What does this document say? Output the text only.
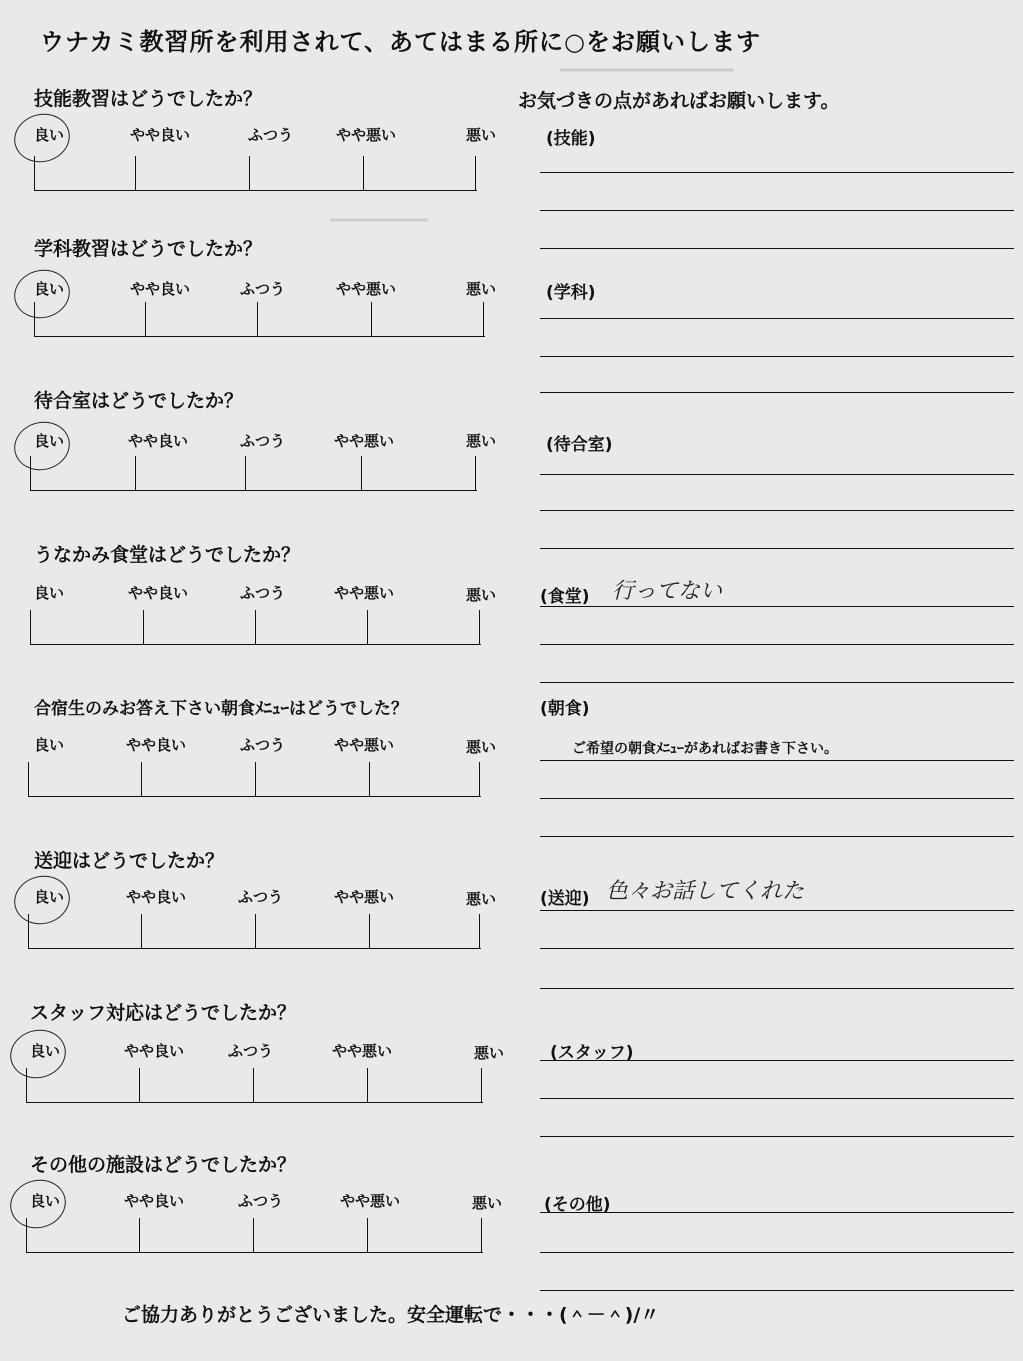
━━━━━━━━━━━━━━━━
━━━━━━━━━
ウナカミ教習所を利用されて、あてはまる所に○をお願いします
お気づきの点があればお願いします。
技能教習はどうでしたか？
良い	やや良い	ふつう	やや悪い	悪い	(技能)
学科教習はどうでしたか？
良い	やや良い	ふつう	やや悪い	悪い	(学科)
待合室はどうでしたか？
良い	やや良い	ふつう	やや悪い	悪い	(待合室)
うなかみ食堂はどうでしたか？
良い	やや良い	ふつう	やや悪い	悪い	(食堂) 行ってない
合宿生のみお答え下さい朝食ﾒﾆｭｰはどうでした？	(朝食)
良い	やや良い	ふつう	やや悪い	悪い	ご希望の朝食ﾒﾆｭｰがあればお書き下さい。
送迎はどうでしたか？
良い	やや良い	ふつう	やや悪い	悪い	(送迎) 色々お話してくれた
スタッフ対応はどうでしたか？
良い	やや良い	ふつう	やや悪い	悪い	(スタッフ)
その他の施設はどうでしたか？
良い	やや良い	ふつう	やや悪い	悪い (その他)
ご協力ありがとうございました。安全運転で・・・(＾－＾)/〃
